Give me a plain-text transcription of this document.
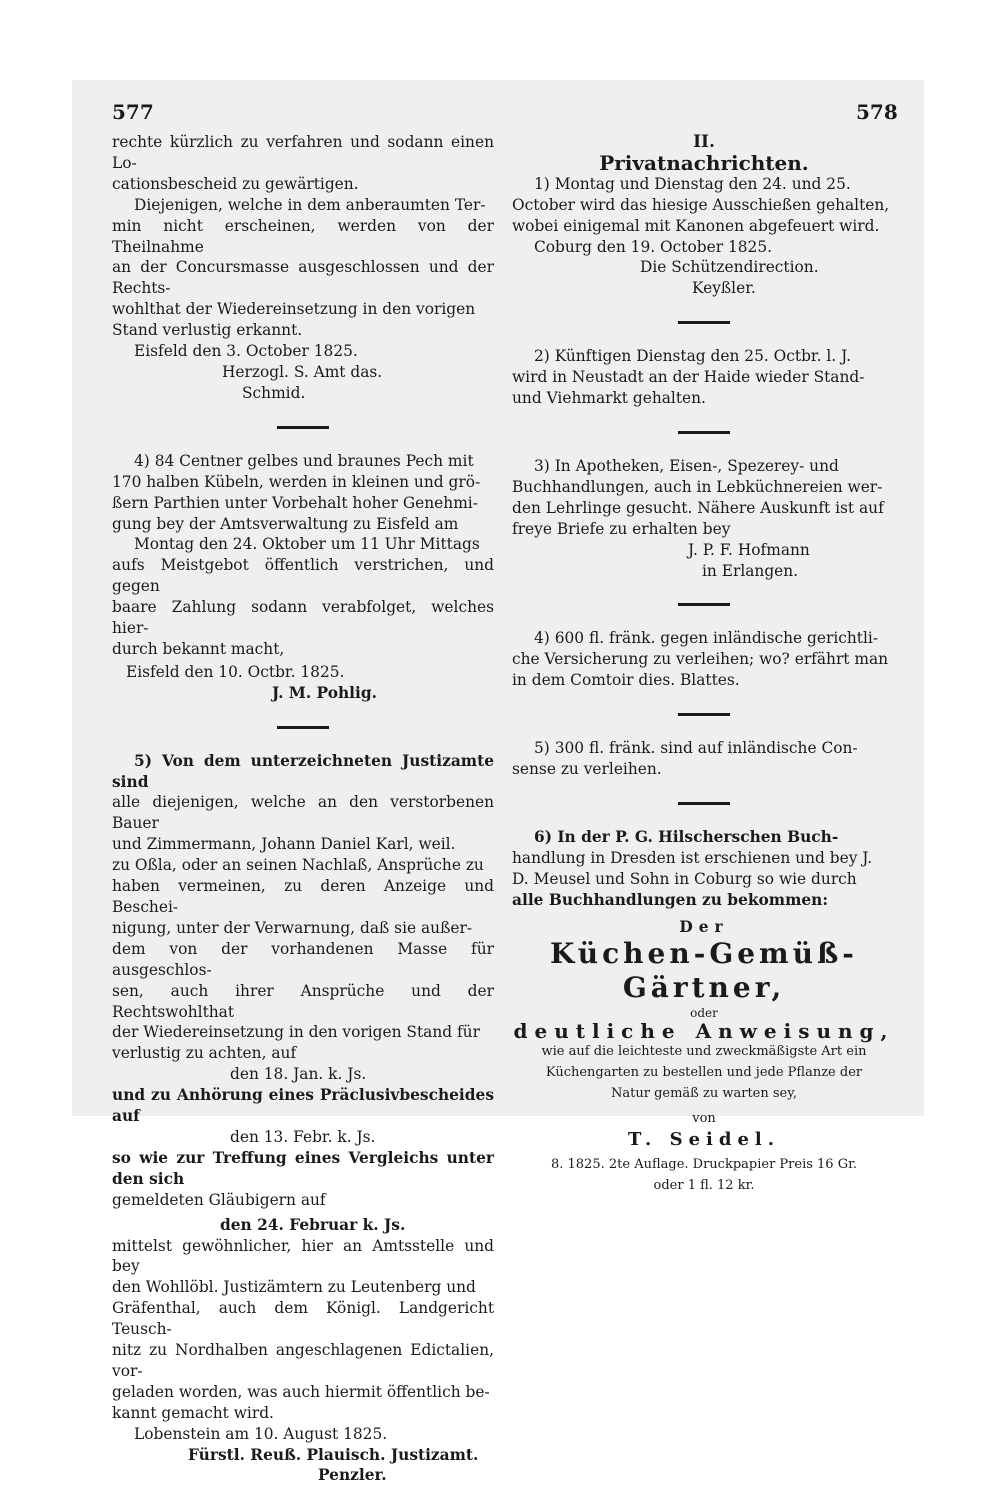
577	578

rechte kürzlich zu verfahren und sodann einen Lo-

cationsbescheid zu gewärtigen.

Diejenigen, welche in dem anberaumten Ter-

min nicht erscheinen, werden von der Theilnahme

an der Concursmasse ausgeschlossen und der Rechts-

wohlthat der Wiedereinsetzung in den vorigen

Stand verlustig erkannt.

Eisfeld den 3. October 1825.

Herzogl. S. Amt das.

Schmid.

4) 84 Centner gelbes und braunes Pech mit

170 halben Kübeln, werden in kleinen und grö-

ßern Parthien unter Vorbehalt hoher Genehmi-

gung bey der Amtsverwaltung zu Eisfeld am

Montag den 24. Oktober um 11 Uhr Mittags

aufs Meistgebot öffentlich verstrichen, und gegen

baare Zahlung sodann verabfolget, welches hier-

durch bekannt macht,

Eisfeld den 10. Octbr. 1825.

J. M. Pohlig.

5) Von dem unterzeichneten Justizamte sind

alle diejenigen, welche an den verstorbenen Bauer

und Zimmermann, Johann Daniel Karl, weil.

zu Oßla, oder an seinen Nachlaß, Ansprüche zu

haben vermeinen, zu deren Anzeige und Beschei-

nigung, unter der Verwarnung, daß sie außer-

dem von der vorhandenen Masse für ausgeschlos-

sen, auch ihrer Ansprüche und der Rechtswohlthat

der Wiedereinsetzung in den vorigen Stand für

verlustig zu achten, auf

den 18. Jan. k. Js.

und zu Anhörung eines Präclusivbescheides auf

den 13. Febr. k. Js.

so wie zur Treffung eines Vergleichs unter den sich

gemeldeten Gläubigern auf

den 24. Februar k. Js.

mittelst gewöhnlicher, hier an Amtsstelle und bey

den Wohllöbl. Justizämtern zu Leutenberg und

Gräfenthal, auch dem Königl. Landgericht Teusch-

nitz zu Nordhalben angeschlagenen Edictalien, vor-

geladen worden, was auch hiermit öffentlich be-

kannt gemacht wird.

Lobenstein am 10. August 1825.

Fürstl. Reuß. Plauisch. Justizamt.

Penzler.

II.

Privatnachrichten.

1) Montag und Dienstag den 24. und 25.

October wird das hiesige Ausschießen gehalten,

wobei einigemal mit Kanonen abgefeuert wird.

Coburg den 19. October 1825.

Die Schützendirection.

Keyßler.

2) Künftigen Dienstag den 25. Octbr. l. J.

wird in Neustadt an der Haide wieder Stand-

und Viehmarkt gehalten.

3) In Apotheken, Eisen-, Spezerey- und

Buchhandlungen, auch in Lebküchnereien wer-

den Lehrlinge gesucht. Nähere Auskunft ist auf

freye Briefe zu erhalten bey

J. P. F. Hofmann

in Erlangen.

4) 600 fl. fränk. gegen inländische gerichtli-

che Versicherung zu verleihen; wo? erfährt man

in dem Comtoir dies. Blattes.

5) 300 fl. fränk. sind auf inländische Con-

sense zu verleihen.

6) In der P. G. Hilscherschen Buch-

handlung in Dresden ist erschienen und bey J.

D. Meusel und Sohn in Coburg so wie durch

alle Buchhandlungen zu bekommen:

Der

Küchen-Gemüß-Gärtner,

oder

deutliche Anweisung,

wie auf die leichteste und zweckmäßigste Art ein

Küchengarten zu bestellen und jede Pflanze der

Natur gemäß zu warten sey,

von

T. Seidel.

8. 1825. 2te Auflage. Druckpapier Preis 16 Gr.

oder 1 fl. 12 kr.
